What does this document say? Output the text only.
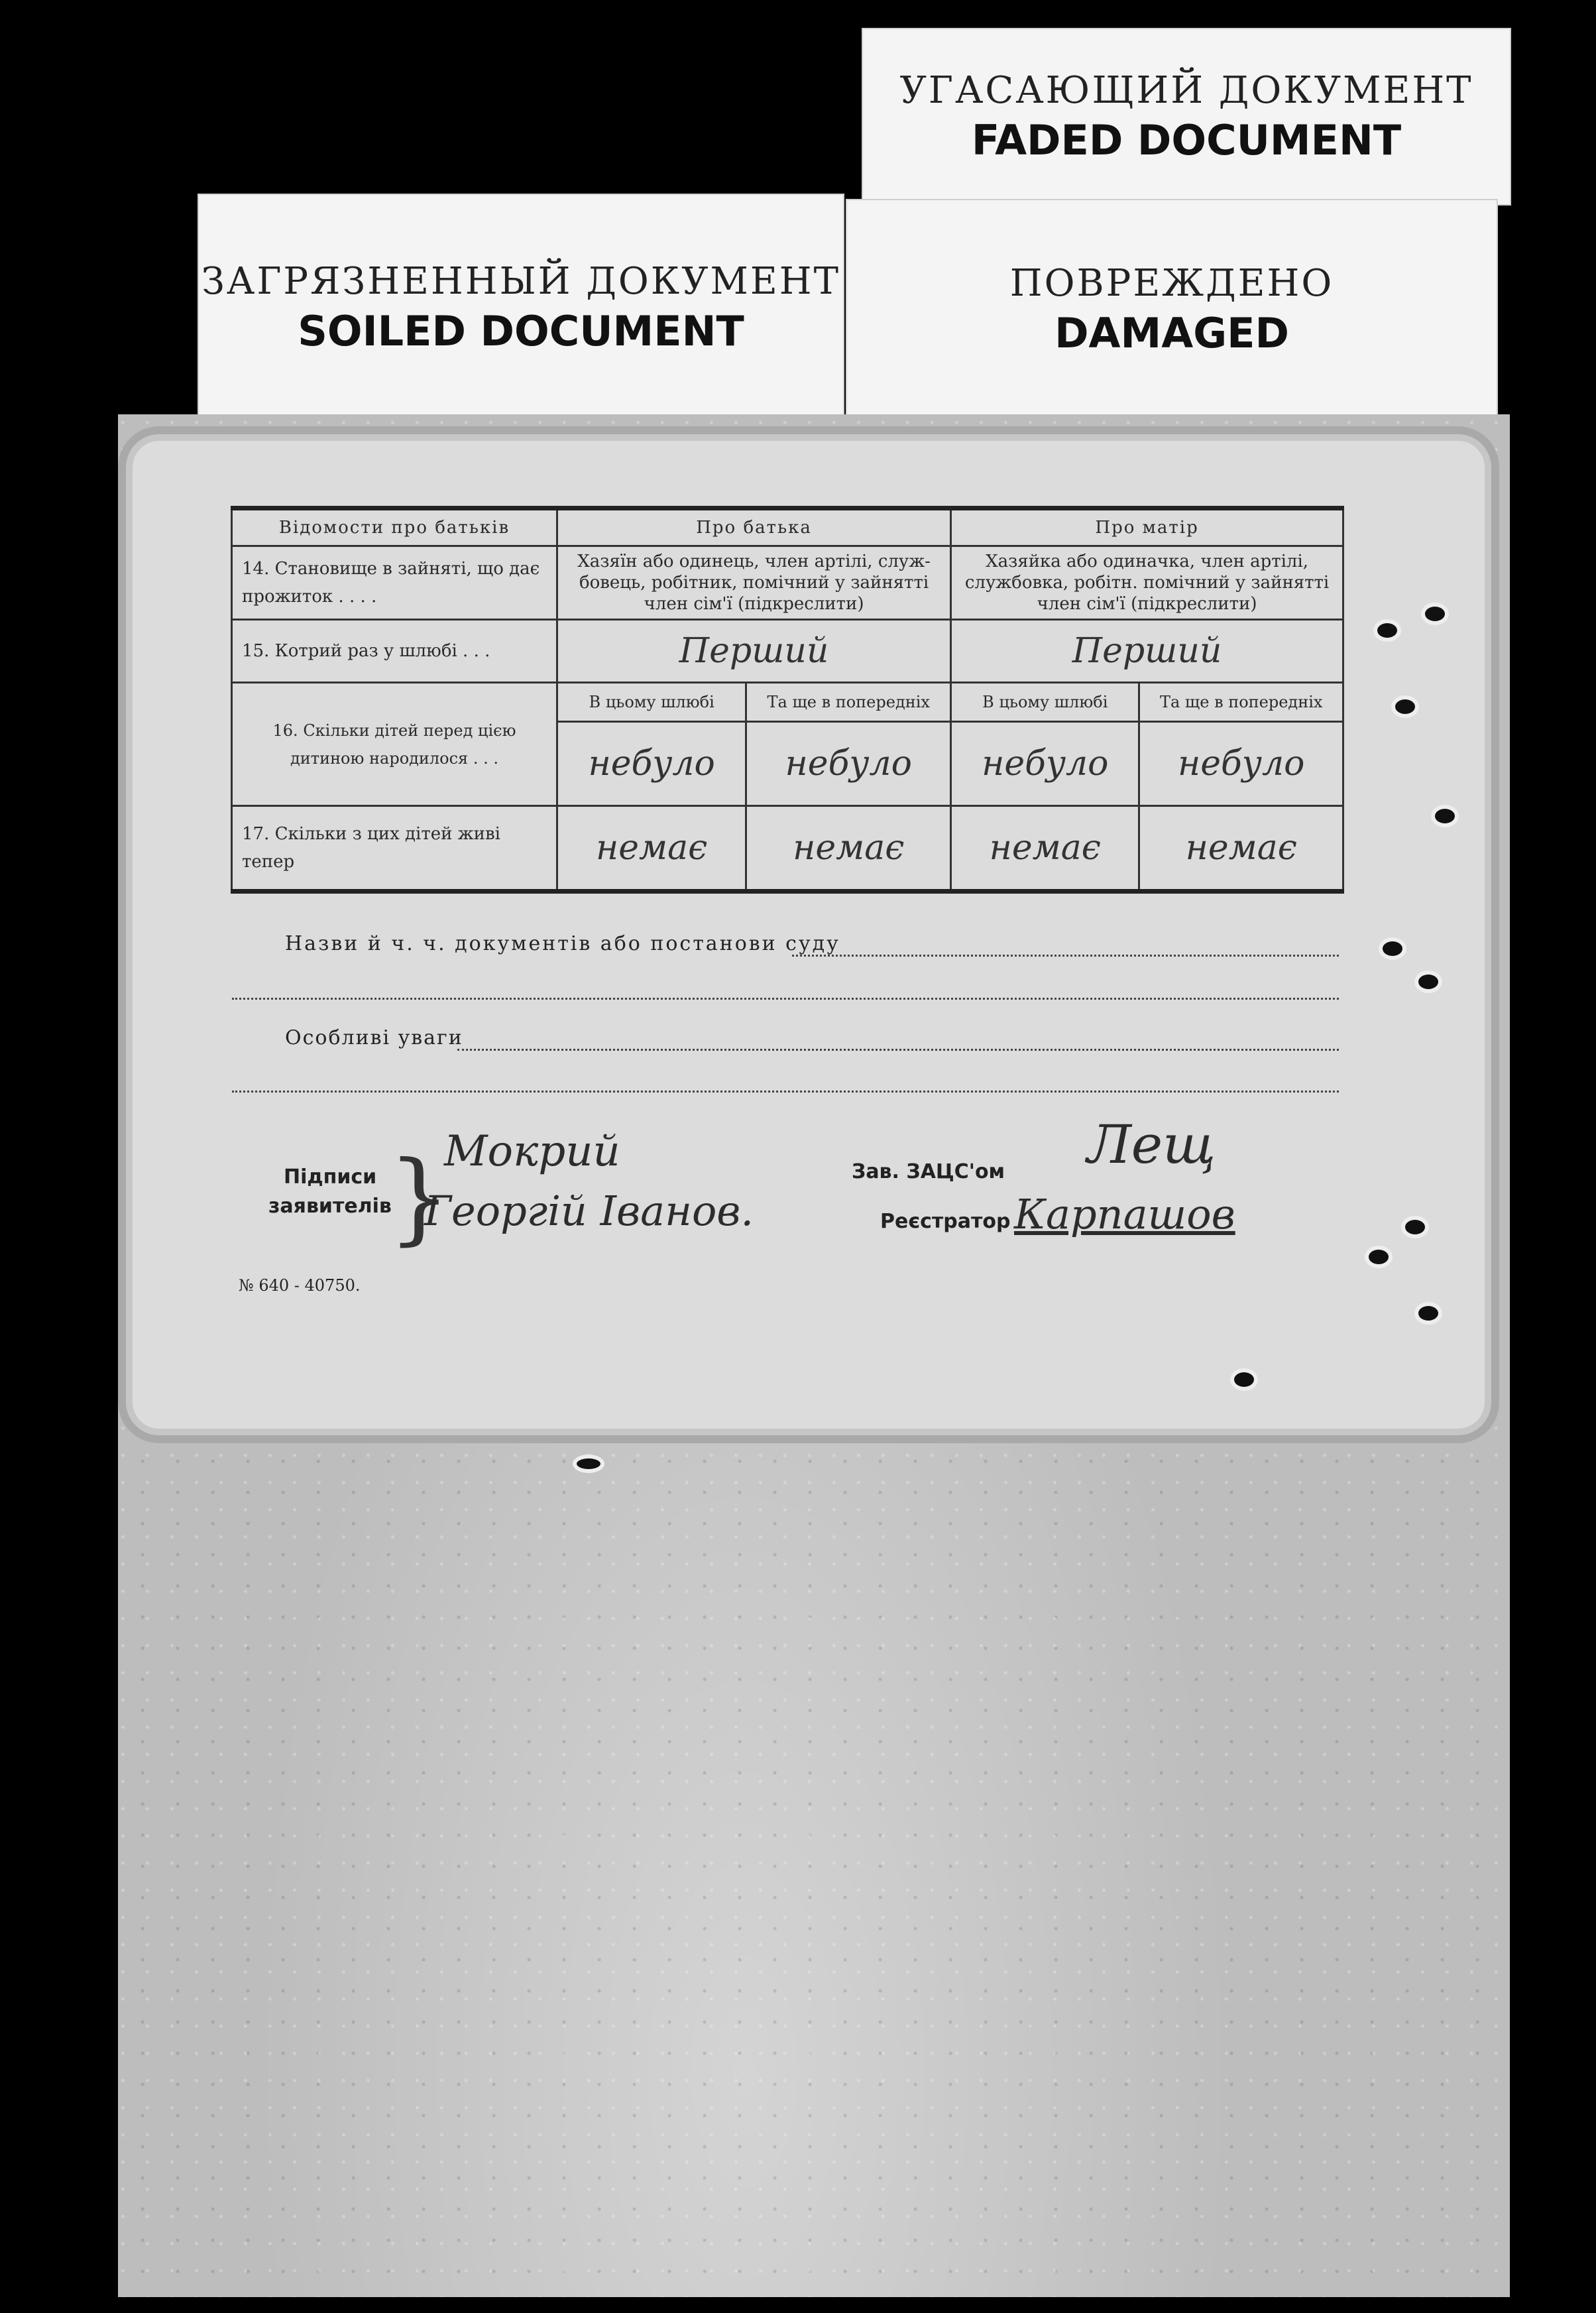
УГАСАЮЩИЙ ДОКУМЕНТ
FADED DOCUMENT
ПОВРЕЖДЕНО
DAMAGED
ЗАГРЯЗНЕННЫЙ ДОКУМЕНТ
SOILED DOCUMENT
Відомости про батьків	Про батька		Про матір	
14. Становище в зайняті, що дає прожиток . . . .	Хазяїн або одинець, член артілі, служ-бовець, робітник, помічний у зайнятті член сім'ї (підкреслити)		Хазяйка або одиначка, член артілі, службовка, робітн. помічний у зайнятті член сім'ї (підкреслити)	
15. Котрий раз у шлюбі . . .	Перший		Перший	
16. Скільки дітей перед цією дитиною народилося . . .	В цьому шлюбі	Та ще в попередніх	В цьому шлюбі	Та ще в попередніх
	небуло	небуло	небуло	небуло
17. Скільки з цих дітей живі тепер	немає	немає	немає	немає
Назви й ч. ч. документів або постанови суду
Особливі уваги
Підписи
заявителів
}
Мокрий
Георгій Іванов.
Зав. ЗАЦС'ом Лещ
Реєстратор Карпашов
№ 640 - 40750.
